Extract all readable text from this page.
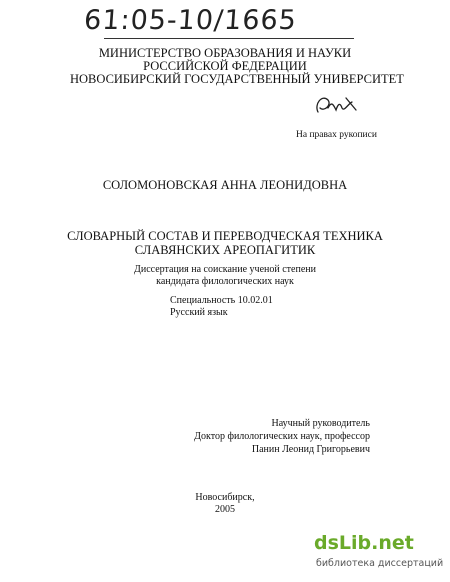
61:05-10/1665
МИНИСТЕРСТВО ОБРАЗОВАНИЯ И НАУКИ
РОССИЙСКОЙ ФЕДЕРАЦИИ
НОВОСИБИРСКИЙ ГОСУДАРСТВЕННЫЙ УНИВЕРСИТЕТ
На правах рукописи
СОЛОМОНОВСКАЯ АННА ЛЕОНИДОВНА
СЛОВАРНЫЙ СОСТАВ И ПЕРЕВОДЧЕСКАЯ ТЕХНИКА
СЛАВЯНСКИХ АРЕОПАГИТИК
Диссертация на соискание ученой степени
кандидата филологических наук
Специальность 10.02.01
Русский язык
Научный руководитель
Доктор филологических наук, профессор
Панин Леонид Григорьевич
Новосибирск,
2005
dsLib.net
библиотека диссертаций
